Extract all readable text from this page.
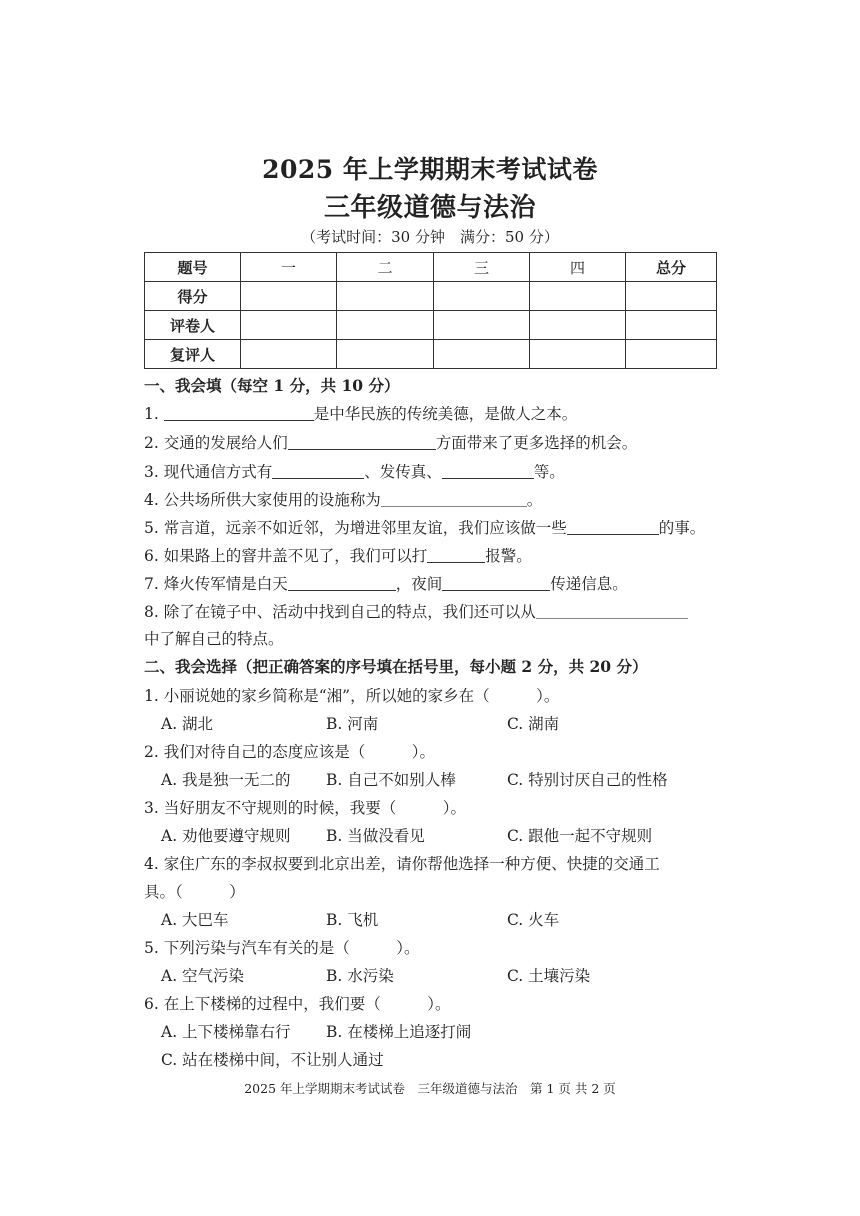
2025 年上学期期末考试试卷
三年级道德与法治
（考试时间：30 分钟　满分：50 分）
题号	一	二	三	四	总分
得分					
评卷人					
复评人					
一、我会填（每空 1 分，共 10 分）
1.	是中华民族的传统美德，是做人之本。
2. 交通的发展给人们	方面带来了更多选择的机会。
3. 现代通信方式有	、发传真、	等。
4. 公共场所供大家使用的设施称为	。
5. 常言道，远亲不如近邻，为增进邻里友谊，我们应该做一些	的事。
6. 如果路上的窨井盖不见了，我们可以打	报警。
7. 烽火传军情是白天	，夜间	传递信息。
8. 除了在镜子中、活动中找到自己的特点，我们还可以从
中了解自己的特点。
二、我会选择（把正确答案的序号填在括号里，每小题 2 分，共 20 分）
1. 小丽说她的家乡简称是“湘”，所以她的家乡在（　　　）。
A. 湖北	B. 河南	C. 湖南
2. 我们对待自己的态度应该是（　　　）。
A. 我是独一无二的 B. 自己不如别人棒	C. 特别讨厌自己的性格
3. 当好朋友不守规则的时候，我要（　　　）。
A. 劝他要遵守规则 B. 当做没看见	C. 跟他一起不守规则
4. 家住广东的李叔叔要到北京出差，请你帮他选择一种方便、快捷的交通工
具。（　　　）
A. 大巴车	B. 飞机	C. 火车
5. 下列污染与汽车有关的是（　　　）。
A. 空气污染	B. 水污染	C. 土壤污染
6. 在上下楼梯的过程中，我们要（　　　）。
A. 上下楼梯靠右行 B. 在楼梯上追逐打闹
C. 站在楼梯中间，不让别人通过
2025 年上学期期末考试试卷　三年级道德与法治　第 1 页 共 2 页
